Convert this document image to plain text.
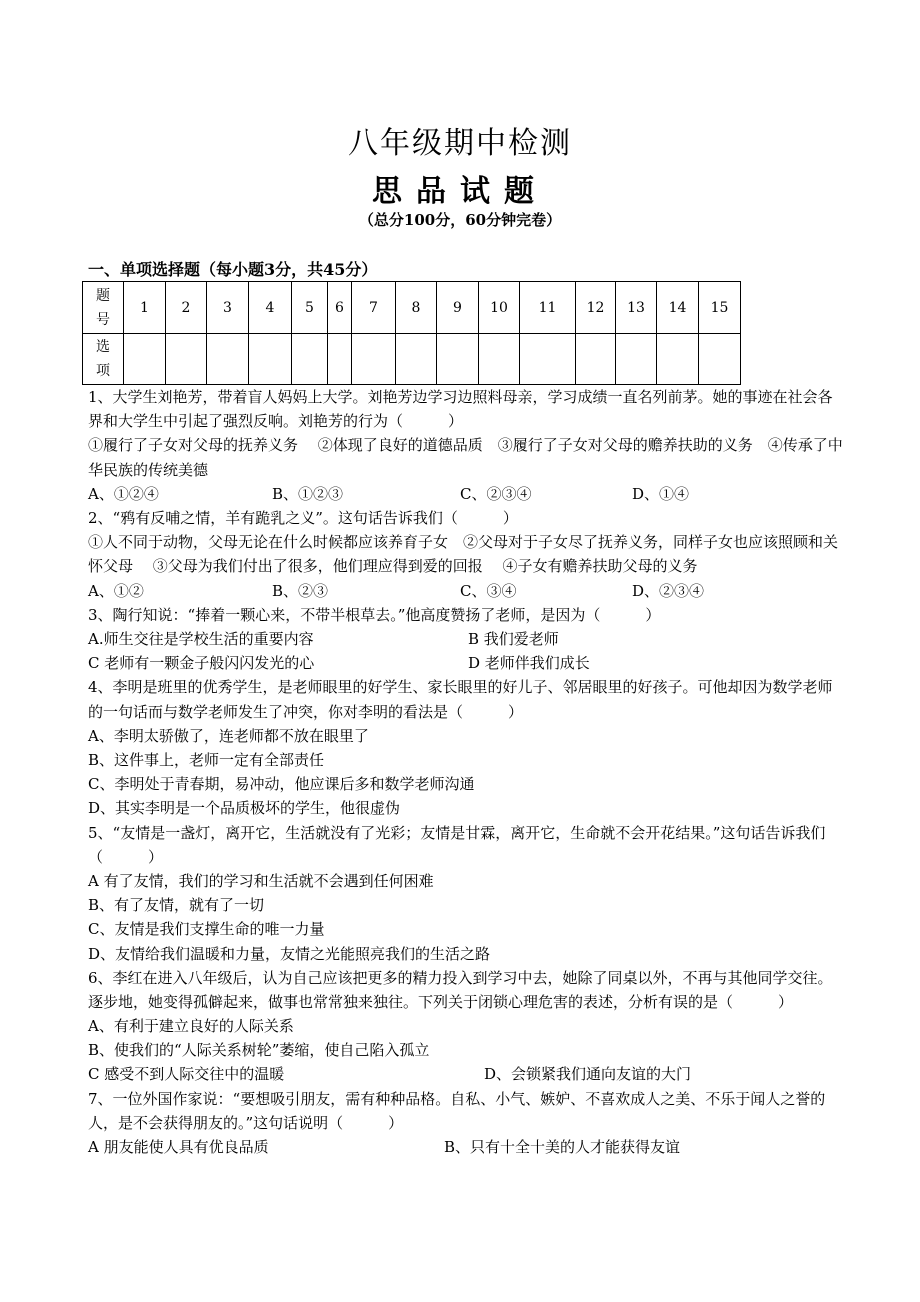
八年级期中检测
思品试题
（总分100分，60分钟完卷）
一、单项选择题（每小题3分，共45分）
题
号	1	2	3	4	5	6	7	8	9	10	11	12	13	14	15

选
项															

1、大学生刘艳芳，带着盲人妈妈上大学。刘艳芳边学习边照料母亲，学习成绩一直名列前茅。她的事迹在社会各界和大学生中引起了强烈反响。刘艳芳的行为（　　　）
①履行了子女对父母的抚养义务　 ②体现了良好的道德品质　③履行了子女对父母的赡养扶助的义务　④传承了中华民族的传统美德
A、①②④	B、①②③	C、②③④	D、①④
2、“鸦有反哺之情，羊有跪乳之义”。这句话告诉我们（　　　）
①人不同于动物，父母无论在什么时候都应该养育子女　②父母对于子女尽了抚养义务，同样子女也应该照顾和关怀父母　 ③父母为我们付出了很多，他们理应得到爱的回报　 ④子女有赡养扶助父母的义务
A、①②	B、②③	C、③④	D、②③④
3、陶行知说：“捧着一颗心来，不带半根草去。”他高度赞扬了老师，是因为（　　　）
A.师生交往是学校生活的重要内容	B 我们爱老师
C 老师有一颗金子般闪闪发光的心	D 老师伴我们成长
4、李明是班里的优秀学生，是老师眼里的好学生、家长眼里的好儿子、邻居眼里的好孩子。可他却因为数学老师的一句话而与数学老师发生了冲突，你对李明的看法是（　　　）
A、李明太骄傲了，连老师都不放在眼里了
B、这件事上，老师一定有全部责任
C、李明处于青春期，易冲动，他应课后多和数学老师沟通
D、其实李明是一个品质极坏的学生，他很虚伪
5、“友情是一盏灯，离开它，生活就没有了光彩；友情是甘霖，离开它，生命就不会开花结果。”这句话告诉我们（　　　）
A 有了友情，我们的学习和生活就不会遇到任何困难
B、有了友情，就有了一切
C、友情是我们支撑生命的唯一力量
D、友情给我们温暖和力量，友情之光能照亮我们的生活之路
6、李红在进入八年级后，认为自己应该把更多的精力投入到学习中去，她除了同桌以外，不再与其他同学交往。逐步地，她变得孤僻起来，做事也常常独来独往。下列关于闭锁心理危害的表述，分析有误的是（　　　）
A、有利于建立良好的人际关系
B、使我们的“人际关系树轮”萎缩，使自己陷入孤立
C 感受不到人际交往中的温暖	D、会锁紧我们通向友谊的大门
7、一位外国作家说：“要想吸引朋友，需有种种品格。自私、小气、嫉妒、不喜欢成人之美、不乐于闻人之誉的人，是不会获得朋友的。”这句话说明（　　　）
A 朋友能使人具有优良品质	B、只有十全十美的人才能获得友谊
